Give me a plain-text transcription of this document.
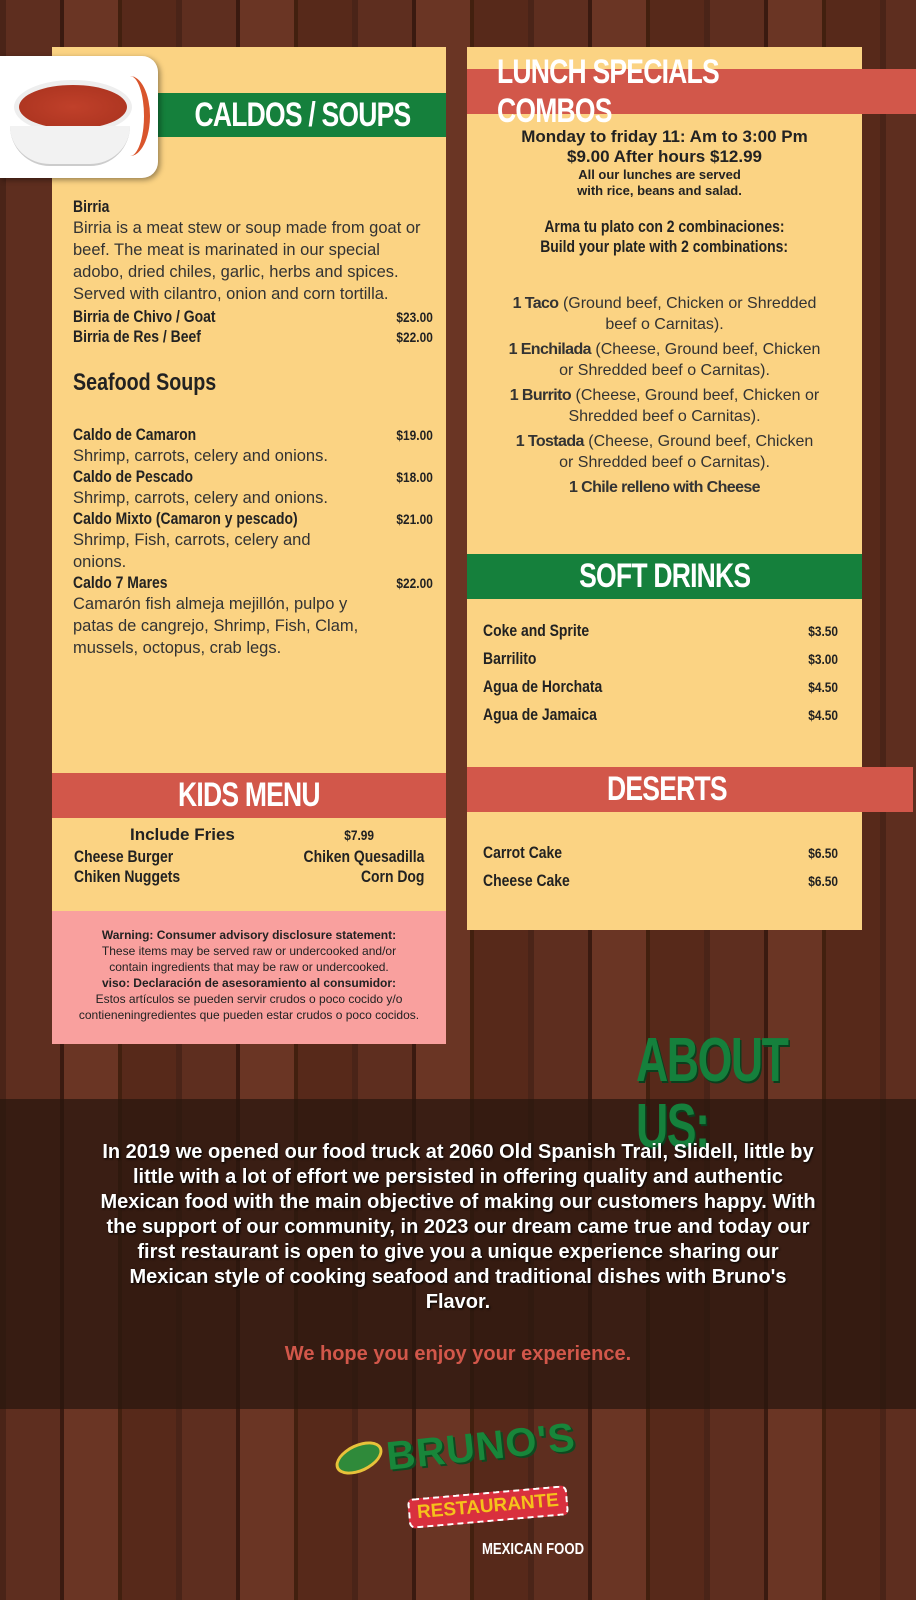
CALDOS / SOUPS
Birria
Birria is a meat stew or soup made from goat or beef. The meat is marinated in our special adobo, dried chiles, garlic, herbs and spices. Served with cilantro, onion and corn tortilla.
Birria de Chivo / Goat	$23.00
Birria de Res / Beef	$22.00
Seafood Soups
Caldo de Camaron	$19.00
Shrimp, carrots, celery and onions.
Caldo de Pescado	$18.00
Shrimp, carrots, celery and onions.
Caldo Mixto (Camaron y pescado)	$21.00
Shrimp, Fish, carrots, celery and onions.
Caldo 7 Mares	$22.00
Camarón fish almeja mejillón, pulpo y patas de cangrejo, Shrimp, Fish, Clam, mussels, octopus, crab legs.
KIDS MENU
Include Fries	$7.99
Cheese Burger	Chiken Quesadilla
Chiken Nuggets	Corn Dog
Warning: Consumer advisory disclosure statement:
These items may be served raw or undercooked and/or contain ingredients that may be raw or undercooked.
viso: Declaración de asesoramiento al consumidor:
Estos artículos se pueden servir crudos o poco cocido y/o contieneningredientes que pueden estar crudos o poco cocidos.
Monday to friday 11: Am to 3:00 Pm
$9.00 After hours $12.99
All our lunches are served with rice, beans and salad.
Arma tu plato con 2 combinaciones:
Build your plate with 2 combinations:
1 Taco (Ground beef, Chicken or Shredded beef o Carnitas).
1 Enchilada (Cheese, Ground beef, Chicken or Shredded beef o Carnitas).
1 Burrito (Cheese, Ground beef, Chicken or Shredded beef o Carnitas).
1 Tostada (Cheese, Ground beef, Chicken or Shredded beef o Carnitas).
1 Chile relleno with Cheese
SOFT DRINKS
Coke and Sprite	$3.50
Barrilito	$3.00
Agua de Horchata	$4.50
Agua de Jamaica	$4.50
Carrot Cake	$6.50
Cheese Cake	$6.50
LUNCH SPECIALS COMBOS
DESERTS
ABOUT US:
In 2019 we opened our food truck at 2060 Old Spanish Trail, Slidell, little by little with a lot of effort we persisted in offering quality and authentic Mexican food with the main objective of making our customers happy. With the support of our community, in 2023 our dream came true and today our first restaurant is open to give you a unique experience sharing our Mexican style of cooking seafood and traditional dishes with Bruno's Flavor.
We hope you enjoy your experience.
BRUNO'S
RESTAURANTE
MEXICAN FOOD
